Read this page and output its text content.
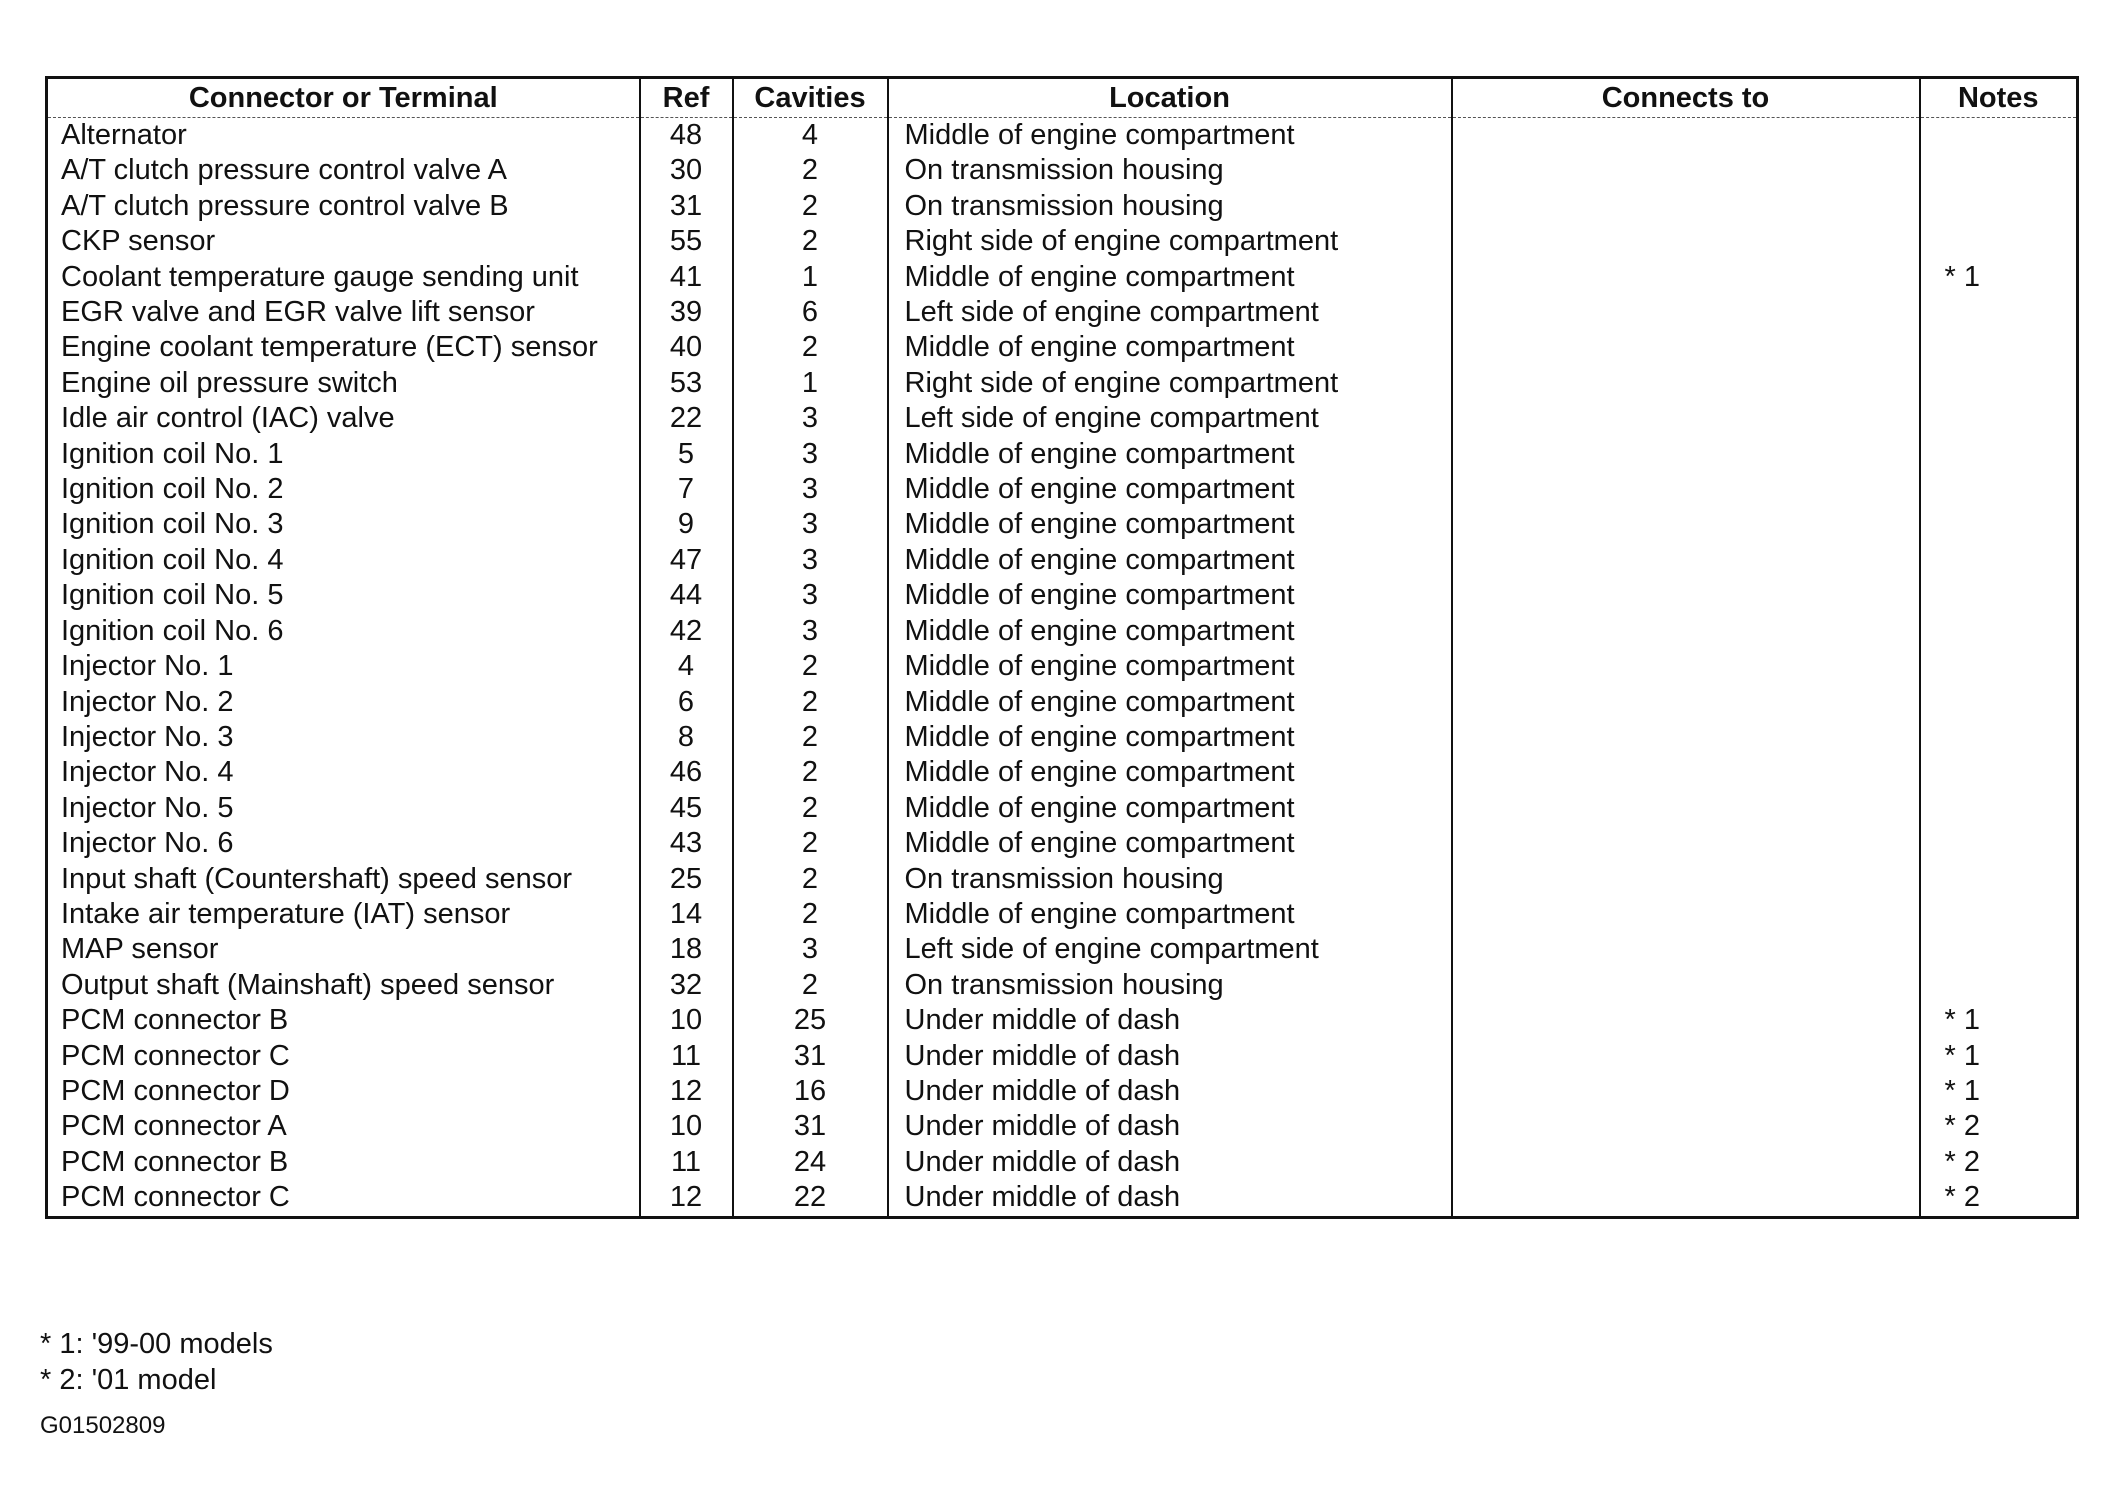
Connector or Terminal	Ref	Cavities	Location	Connects to	Notes
Alternator	48	4	Middle of engine compartment		
A/T clutch pressure control valve A	30	2	On transmission housing		
A/T clutch pressure control valve B	31	2	On transmission housing		
CKP sensor	55	2	Right side of engine compartment		
Coolant temperature gauge sending unit	41	1	Middle of engine compartment		* 1
EGR valve and EGR valve lift sensor	39	6	Left side of engine compartment		
Engine coolant temperature (ECT) sensor	40	2	Middle of engine compartment		
Engine oil pressure switch	53	1	Right side of engine compartment		
Idle air control (IAC) valve	22	3	Left side of engine compartment		
Ignition coil No. 1	5	3	Middle of engine compartment		
Ignition coil No. 2	7	3	Middle of engine compartment		
Ignition coil No. 3	9	3	Middle of engine compartment		
Ignition coil No. 4	47	3	Middle of engine compartment		
Ignition coil No. 5	44	3	Middle of engine compartment		
Ignition coil No. 6	42	3	Middle of engine compartment		
Injector No. 1	4	2	Middle of engine compartment		
Injector No. 2	6	2	Middle of engine compartment		
Injector No. 3	8	2	Middle of engine compartment		
Injector No. 4	46	2	Middle of engine compartment		
Injector No. 5	45	2	Middle of engine compartment		
Injector No. 6	43	2	Middle of engine compartment		
Input shaft (Countershaft) speed sensor	25	2	On transmission housing		
Intake air temperature (IAT) sensor	14	2	Middle of engine compartment		
MAP sensor	18	3	Left side of engine compartment		
Output shaft (Mainshaft) speed sensor	32	2	On transmission housing		
PCM connector B	10	25	Under middle of dash		* 1
PCM connector C	11	31	Under middle of dash		* 1
PCM connector D	12	16	Under middle of dash		* 1
PCM connector A	10	31	Under middle of dash		* 2
PCM connector B	11	24	Under middle of dash		* 2
PCM connector C	12	22	Under middle of dash		* 2
* 1: '99-00 models
* 2: '01 model
G01502809
